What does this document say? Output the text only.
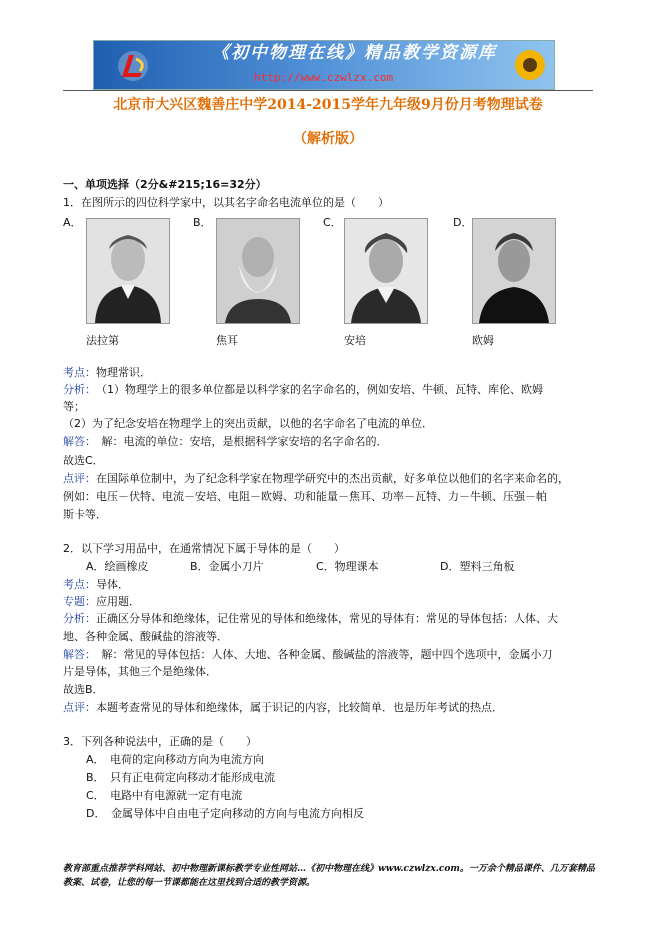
《初中物理在线》精品教学资源库
http://www.czwlzx.com
北京市大兴区魏善庄中学2014-2015学年九年级9月份月考物理试卷
（解析版）
一、单项选择（2分&#215;16=32分）
1．在图所示的四位科学家中，以其名字命名电流单位的是（　　）
A．	B．	C．	D．
法拉第	焦耳	安培	欧姆
考点：物理常识．
分析：　 （1）物理学上的很多单位都是以科学家的名字命名的，例如安培、牛顿、瓦特、库伦、欧姆
等；
（2）为了纪念安培在物理学上的突出贡献，以他的名字命名了电流的单位．
解答：　 解：电流的单位：安培，是根据科学家安培的名字命名的．
故选C．
点评：在国际单位制中，为了纪念科学家在物理学研究中的杰出贡献，好多单位以他们的名字来命名的，
例如：电压－伏特、电流－安培、电阻－欧姆、功和能量－焦耳、功率－瓦特、力－牛顿、压强－帕
斯卡等．
2．以下学习用品中，在通常情况下属于导体的是（　　）
A．绘画橡皮	B．金属小刀片	C．物理课本	D．塑料三角板
考点：导体．
专题：应用题．
分析：正确区分导体和绝缘体，记住常见的导体和绝缘体，常见的导体有：常见的导体包括：人体、大
地、各种金属、酸碱盐的溶液等．
解答：　 解：常见的导体包括：人体、大地、各种金属、酸碱盐的溶液等，题中四个选项中，金属小刀
片是导体，其他三个是绝缘体．
故选B．
点评：本题考查常见的导体和绝缘体，属于识记的内容，比较简单．也是历年考试的热点．
3．下列各种说法中，正确的是（　　）
A．　电荷的定向移动方向为电流方向
B．　只有正电荷定向移动才能形成电流
C．　电路中有电源就一定有电流
D．　金属导体中自由电子定向移动的方向与电流方向相反
教育部重点推荐学科网站、初中物理新课标教学专业性网站…《初中物理在线》www.czwlzx.com。一万余个精品课件、几万套精品教案、试卷，让您的每一节课都能在这里找到合适的教学资源。
